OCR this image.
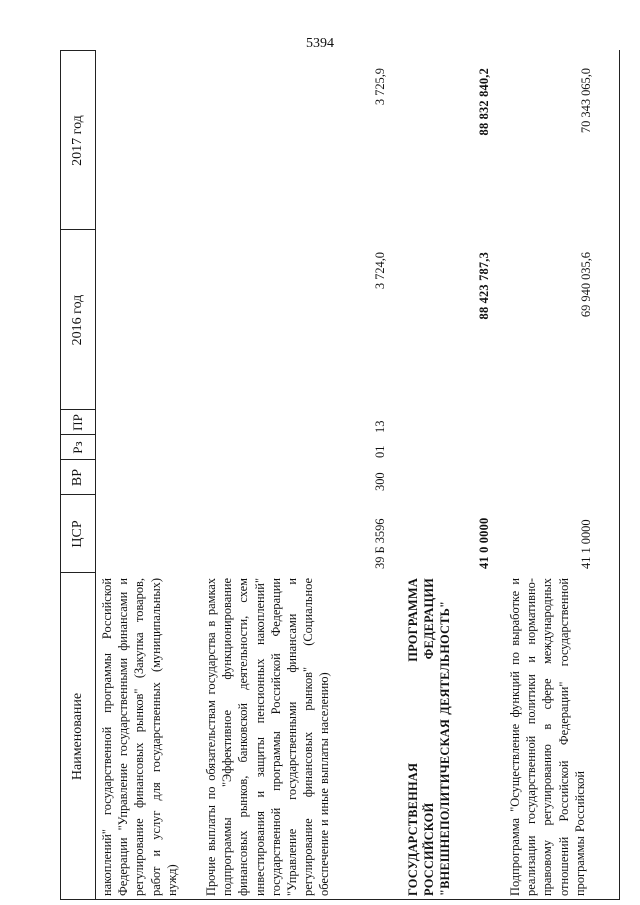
5394
Наименование
ЦСР
ВР
Рз
ПР
2016 год
2017 год
накоплений" государственной программы Российской Федерации "Управление государственными финансами и регулирование финансовых рынков" (Закупка товаров, работ и услуг для государственных (муниципальных) нужд) Прочие выплаты по обязательствам государства в рамках подпрограммы "Эффективное функционирование финансовых рынков, банковской деятельности, схем инвестирования и защиты пенсионных накоплений" государственной программы Российской Федерации "Управление государственными финансами и регулирование финансовых рынков" (Социальное обеспечение и иные выплаты населению)
39 Б 3596
300
01
13
3 724,0
3 725,9
ГОСУДАРСТВЕННАЯ ПРОГРАММА РОССИЙСКОЙ ФЕДЕРАЦИИ "ВНЕШНЕПОЛИТИЧЕСКАЯ ДЕЯТЕЛЬНОСТЬ"
41 0 0000
88 423 787,3
88 832 840,2
Подпрограмма "Осуществление функций по выработке и реализации государственной политики и нормативно-правовому регулированию в сфере международных отношений Российской Федерации" государственной программы Российской
41 1 0000
69 940 035,6
70 343 065,0
